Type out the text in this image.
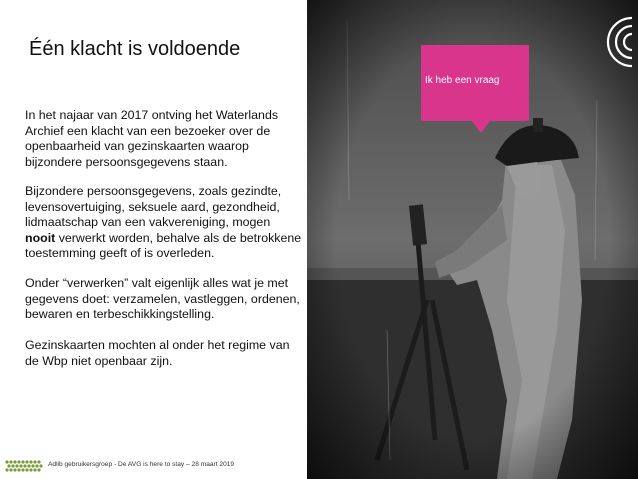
Één klacht is voldoende

In het najaar van 2017 ontving het Waterlands Archief een klacht van een bezoeker over de openbaarheid van gezinskaarten waarop bijzondere persoonsgegevens staan.

Bijzondere persoonsgegevens, zoals gezindte, levensovertuiging, seksuele aard, gezondheid, lidmaatschap van een vakvereniging, mogen nooit verwerkt worden, behalve als de betrokkene toestemming geeft of is overleden.

Onder “verwerken” valt eigenlijk alles wat je met gegevens doet: verzamelen, vastleggen, ordenen, bewaren en terbeschikkingstelling.

Gezinskaarten mochten al onder het regime van de Wbp niet openbaar zijn.

Adlib gebruikersgroep - De AVG is here to stay – 28 maart 2019
Ik heb een vraag
